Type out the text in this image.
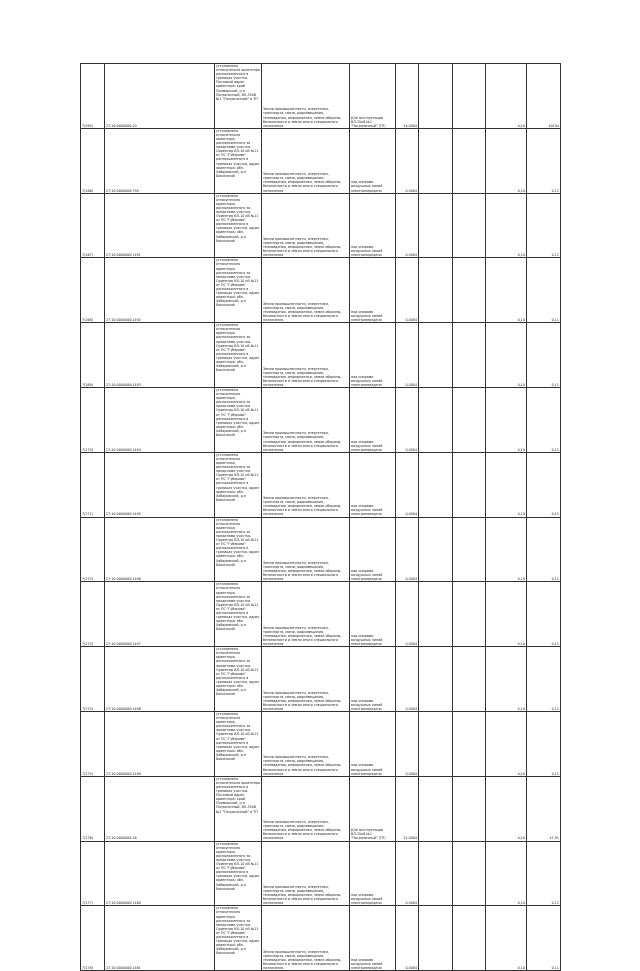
7(265)	27:16:0000000:10	установлено относительно ориентира расположенного в границах участка. Почтовый адрес ориентира: край Приморский, р-н Пограничный, ВЛ-35кВ №1 "Пограничный" и ТП	Земли промышленности, энергетики, транспорта, связи, радиовещания, телевидения, информатики, земли обороны, безопасности и земли иного специального назначения	Для эксплуатации ВЛ-35кВ №1 "Пограничный" (ТП)	54,0004			0,10	40104

7(266)	27:10:0000000:790	установлено относительно ориентира, расположенного за пределами участка. Ориентир ВЛ-10 кВ №11 от ПС "Губерово" расположенного в границах участка, адрес ориентира: обл. Хабаровский, р-н Бикинский	Земли промышленности, энергетики, транспорта, связи, радиовещания, телевидения, информатики, земли обороны, безопасности и земли иного специального назначения	под опорами воздушных линий электропередачи	0,0004			0,10	0,11

7(267)	27:10:0000000:1491	установлено относительно ориентира, расположенного за пределами участка. Ориентир ВЛ-10 кВ №11 от ПС "Губерово" расположенного в границах участка, адрес ориентира: обл. Хабаровский, р-н Бикинский	Земли промышленности, энергетики, транспорта, связи, радиовещания, телевидения, информатики, земли обороны, безопасности и земли иного специального назначения	под опорами воздушных линий электропередачи	0,0004			0,10	0,11

7(268)	27:10:0000000:1492	установлено относительно ориентира, расположенного за пределами участка. Ориентир ВЛ-10 кВ №11 от ПС "Губерово" расположенного в границах участка, адрес ориентира: обл. Хабаровский, р-н Бикинский	Земли промышленности, энергетики, транспорта, связи, радиовещания, телевидения, информатики, земли обороны, безопасности и земли иного специального назначения	под опорами воздушных линий электропередачи	0,0004			0,10	0,11

7(269)	27:10:0000000:1493	установлено относительно ориентира, расположенного за пределами участка. Ориентир ВЛ-10 кВ №11 от ПС "Губерово" расположенного в границах участка, адрес ориентира: обл. Хабаровский, р-н Бикинский	Земли промышленности, энергетики, транспорта, связи, радиовещания, телевидения, информатики, земли обороны, безопасности и земли иного специального назначения	под опорами воздушных линий электропередачи	0,0004			0,10	0,11

7(270)	27:10:0000000:1494	установлено относительно ориентира, расположенного за пределами участка. Ориентир ВЛ-10 кВ №11 от ПС "Губерово" расположенного в границах участка, адрес ориентира: обл. Хабаровский, р-н Бикинский	Земли промышленности, энергетики, транспорта, связи, радиовещания, телевидения, информатики, земли обороны, безопасности и земли иного специального назначения	под опорами воздушных линий электропередачи	0,0004			0,10	0,11

7(271)	27:10:0000000:1495	установлено относительно ориентира, расположенного за пределами участка. Ориентир ВЛ-10 кВ №11 от ПС "Губерово" расположенного в границах участка, адрес ориентира: обл. Хабаровский, р-н Бикинский	Земли промышленности, энергетики, транспорта, связи, радиовещания, телевидения, информатики, земли обороны, безопасности и земли иного специального назначения	под опорами воздушных линий электропередачи	0,0004			0,10	0,11

7(272)	27:10:0000000:1496	установлено относительно ориентира, расположенного за пределами участка. Ориентир ВЛ-10 кВ №11 от ПС "Губерово" расположенного в границах участка, адрес ориентира: обл. Хабаровский, р-н Бикинский	Земли промышленности, энергетики, транспорта, связи, радиовещания, телевидения, информатики, земли обороны, безопасности и земли иного специального назначения	под опорами воздушных линий электропередачи	0,0004			0,10	0,11

7(273)	27:10:0000000:1497	установлено относительно ориентира, расположенного за пределами участка. Ориентир ВЛ-10 кВ №11 от ПС "Губерово" расположенного в границах участка, адрес ориентира: обл. Хабаровский, р-н Бикинский	Земли промышленности, энергетики, транспорта, связи, радиовещания, телевидения, информатики, земли обороны, безопасности и земли иного специального назначения	под опорами воздушных линий электропередачи	0,0004			0,10	0,11

7(274)	27:10:0000000:1498	установлено относительно ориентира, расположенного за пределами участка. Ориентир ВЛ-10 кВ №11 от ПС "Губерово" расположенного в границах участка, адрес ориентира: обл. Хабаровский, р-н Бикинский	Земли промышленности, энергетики, транспорта, связи, радиовещания, телевидения, информатики, земли обороны, безопасности и земли иного специального назначения	под опорами воздушных линий электропередачи	0,0004			0,10	0,11

7(275)	27:10:0000000:1499	установлено относительно ориентира, расположенного за пределами участка. Ориентир ВЛ-10 кВ №11 от ПС "Губерово" расположенного в границах участка, адрес ориентира: обл. Хабаровский, р-н Бикинский	Земли промышленности, энергетики, транспорта, связи, радиовещания, телевидения, информатики, земли обороны, безопасности и земли иного специального назначения	под опорами воздушных линий электропередачи	0,0004			0,10	0,11

7(276)	27:10:0000000:16	установлено относительно ориентира расположенного в границах участка. Почтовый адрес ориентира: край Приморский, р-н Пограничный, ВЛ-35кВ №1 "Пограничный" и ТП	Земли промышленности, энергетики, транспорта, связи, радиовещания, телевидения, информатики, земли обороны, безопасности и земли иного специального назначения	Для эксплуатации ВЛ-35кВ №1 "Пограничный" (ТП)	52,0004			0,10	47,91

7(277)	27:10:0000000:1480	установлено относительно ориентира, расположенного за пределами участка. Ориентир ВЛ-10 кВ №11 от ПС "Губерово" расположенного в границах участка, адрес ориентира: обл. Хабаровский, р-н Бикинский	Земли промышленности, энергетики, транспорта, связи, радиовещания, телевидения, информатики, земли обороны, безопасности и земли иного специального назначения	под опорами воздушных линий электропередачи	0,0004			0,10	0,11

7(278)	27:10:0000000:1481	установлено относительно ориентира, расположенного за пределами участка. Ориентир ВЛ-10 кВ №11 от ПС "Губерово" расположенного в границах участка, адрес ориентира: обл. Хабаровский, р-н Бикинский	Земли промышленности, энергетики, транспорта, связи, радиовещания, телевидения, информатики, земли обороны, безопасности и земли иного специального назначения	под опорами воздушных линий электропередачи	0,0004			0,10	0,11
